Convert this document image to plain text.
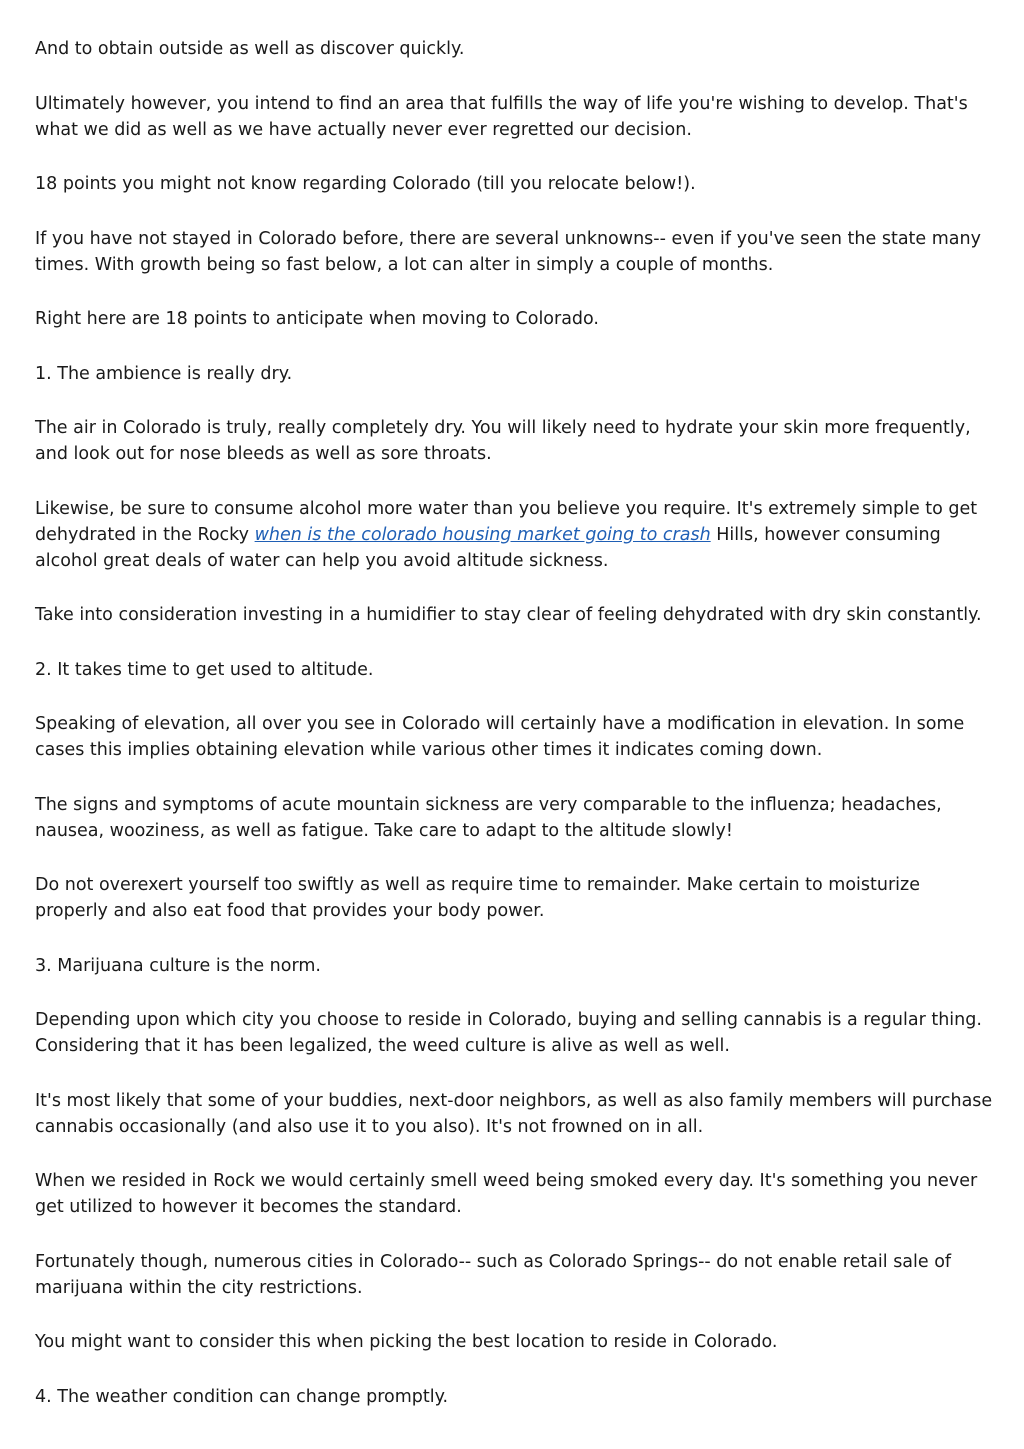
And to obtain outside as well as discover quickly.

Ultimately however, you intend to find an area that fulfills the way of life you're wishing to develop. That's what we did as well as we have actually never ever regretted our decision.

18 points you might not know regarding Colorado (till you relocate below!).

If you have not stayed in Colorado before, there are several unknowns-- even if you've seen the state many times. With growth being so fast below, a lot can alter in simply a couple of months.

Right here are 18 points to anticipate when moving to Colorado.

1. The ambience is really dry.

The air in Colorado is truly, really completely dry. You will likely need to hydrate your skin more frequently, and look out for nose bleeds as well as sore throats.

Likewise, be sure to consume alcohol more water than you believe you require. It's extremely simple to get dehydrated in the Rocky when is the colorado housing market going to crash Hills, however consuming alcohol great deals of water can help you avoid altitude sickness.

Take into consideration investing in a humidifier to stay clear of feeling dehydrated with dry skin constantly.

2. It takes time to get used to altitude.

Speaking of elevation, all over you see in Colorado will certainly have a modification in elevation. In some cases this implies obtaining elevation while various other times it indicates coming down.

The signs and symptoms of acute mountain sickness are very comparable to the influenza; headaches, nausea, wooziness, as well as fatigue. Take care to adapt to the altitude slowly!

Do not overexert yourself too swiftly as well as require time to remainder. Make certain to moisturize properly and also eat food that provides your body power.

3. Marijuana culture is the norm.

Depending upon which city you choose to reside in Colorado, buying and selling cannabis is a regular thing. Considering that it has been legalized, the weed culture is alive as well as well.

It's most likely that some of your buddies, next-door neighbors, as well as also family members will purchase cannabis occasionally (and also use it to you also). It's not frowned on in all.

When we resided in Rock we would certainly smell weed being smoked every day. It's something you never get utilized to however it becomes the standard.

Fortunately though, numerous cities in Colorado-- such as Colorado Springs-- do not enable retail sale of marijuana within the city restrictions.

You might want to consider this when picking the best location to reside in Colorado.

4. The weather condition can change promptly.
